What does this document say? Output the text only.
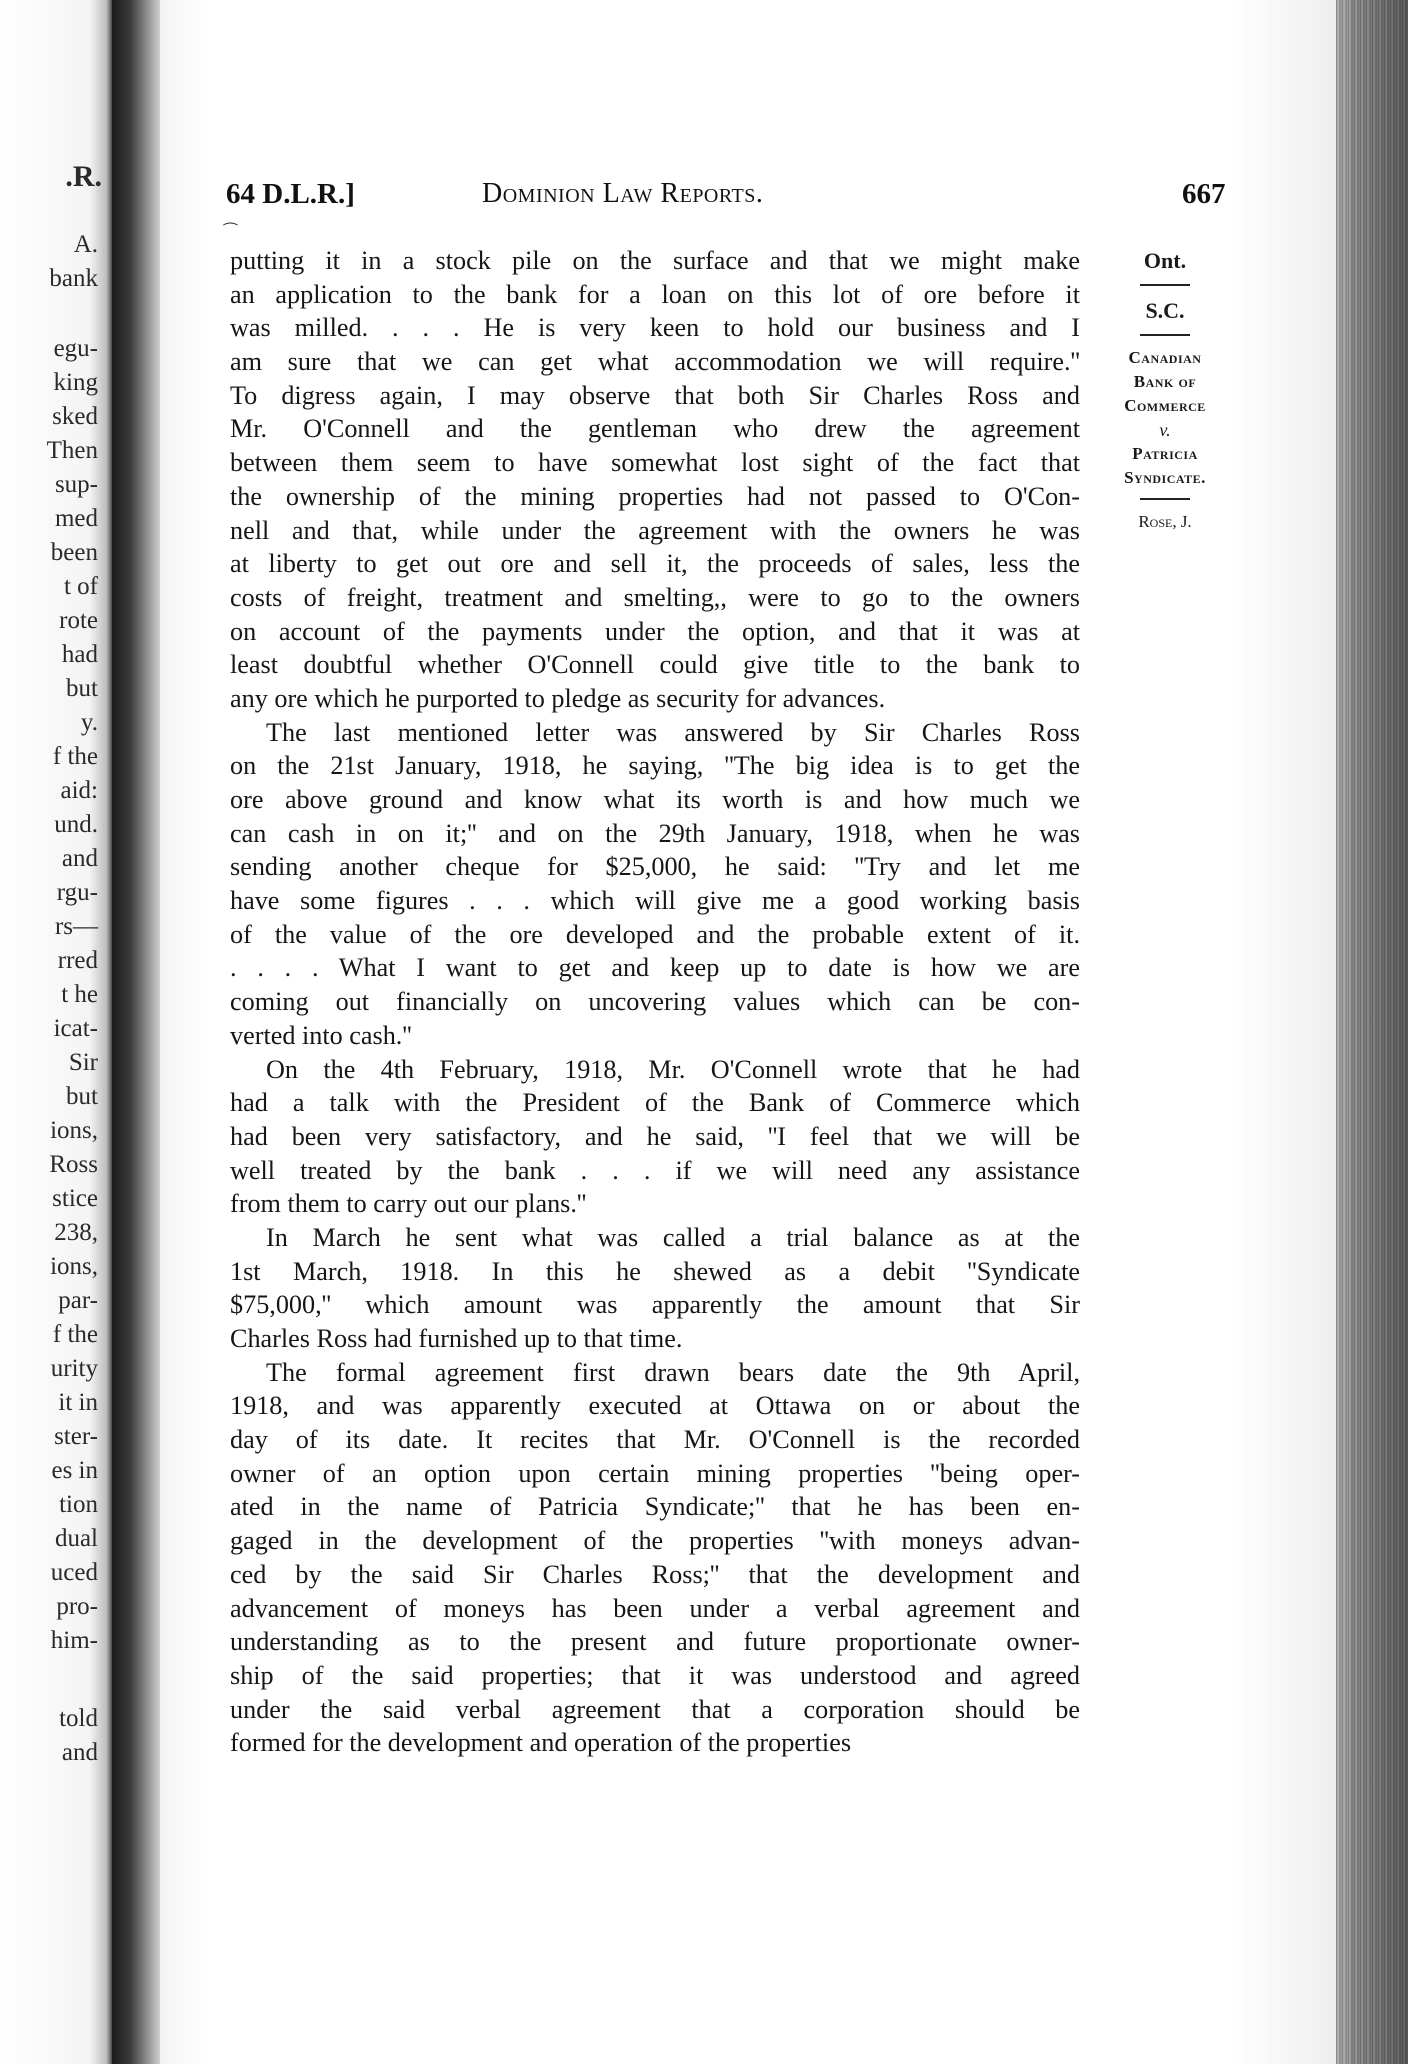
.R.
A.
bank
egu-
king
sked
Then
sup-
med
been
t of
rote
had
but
y.
f the
aid:
und.
and
rgu-
rs—
rred
t he
icat-
Sir
but
ions,
Ross
stice
238,
ions,
par-
f the
urity
it in
ster-
es in
tion
dual
uced
pro-
him-
told
and
64 D.L.R.]	Dominion Law Reports.	667
⁀
putting it in a stock pile on the surface and that we might make
an application to the bank for a loan on this lot of ore before it
was milled. . . . He is very keen to hold our business and I
am sure that we can get what accommodation we will require.''
To digress again, I may observe that both Sir Charles Ross and
Mr. O'Connell and the gentleman who drew the agreement
between them seem to have somewhat lost sight of the fact that
the ownership of the mining properties had not passed to O'Con-
nell and that, while under the agreement with the owners he was
at liberty to get out ore and sell it, the proceeds of sales, less the
costs of freight, treatment and smelting,, were to go to the owners
on account of the payments under the option, and that it was at
least doubtful whether O'Connell could give title to the bank to
any ore which he purported to pledge as security for advances.
The last mentioned letter was answered by Sir Charles Ross
on the 21st January, 1918, he saying, ''The big idea is to get the
ore above ground and know what its worth is and how much we
can cash in on it;'' and on the 29th January, 1918, when he was
sending another cheque for $25,000, he said: ''Try and let me
have some figures . . . which will give me a good working basis
of the value of the ore developed and the probable extent of it.
. . . . What I want to get and keep up to date is how we are
coming out financially on uncovering values which can be con-
verted into cash.''
On the 4th February, 1918, Mr. O'Connell wrote that he had
had a talk with the President of the Bank of Commerce which
had been very satisfactory, and he said, ''I feel that we will be
well treated by the bank . . . if we will need any assistance
from them to carry out our plans.''
In March he sent what was called a trial balance as at the
1st March, 1918. In this he shewed as a debit ''Syndicate
$75,000,'' which amount was apparently the amount that Sir
Charles Ross had furnished up to that time.
The formal agreement first drawn bears date the 9th April,
1918, and was apparently executed at Ottawa on or about the
day of its date. It recites that Mr. O'Connell is the recorded
owner of an option upon certain mining properties ''being oper-
ated in the name of Patricia Syndicate;'' that he has been en-
gaged in the development of the properties ''with moneys advan-
ced by the said Sir Charles Ross;'' that the development and
advancement of moneys has been under a verbal agreement and
understanding as to the present and future proportionate owner-
ship of the said properties; that it was understood and agreed
under the said verbal agreement that a corporation should be
formed for the development and operation of the properties
Ont.
S.C.
Canadian
Bank of
Commerce
v.
Patricia
Syndicate.
Rose, J.
